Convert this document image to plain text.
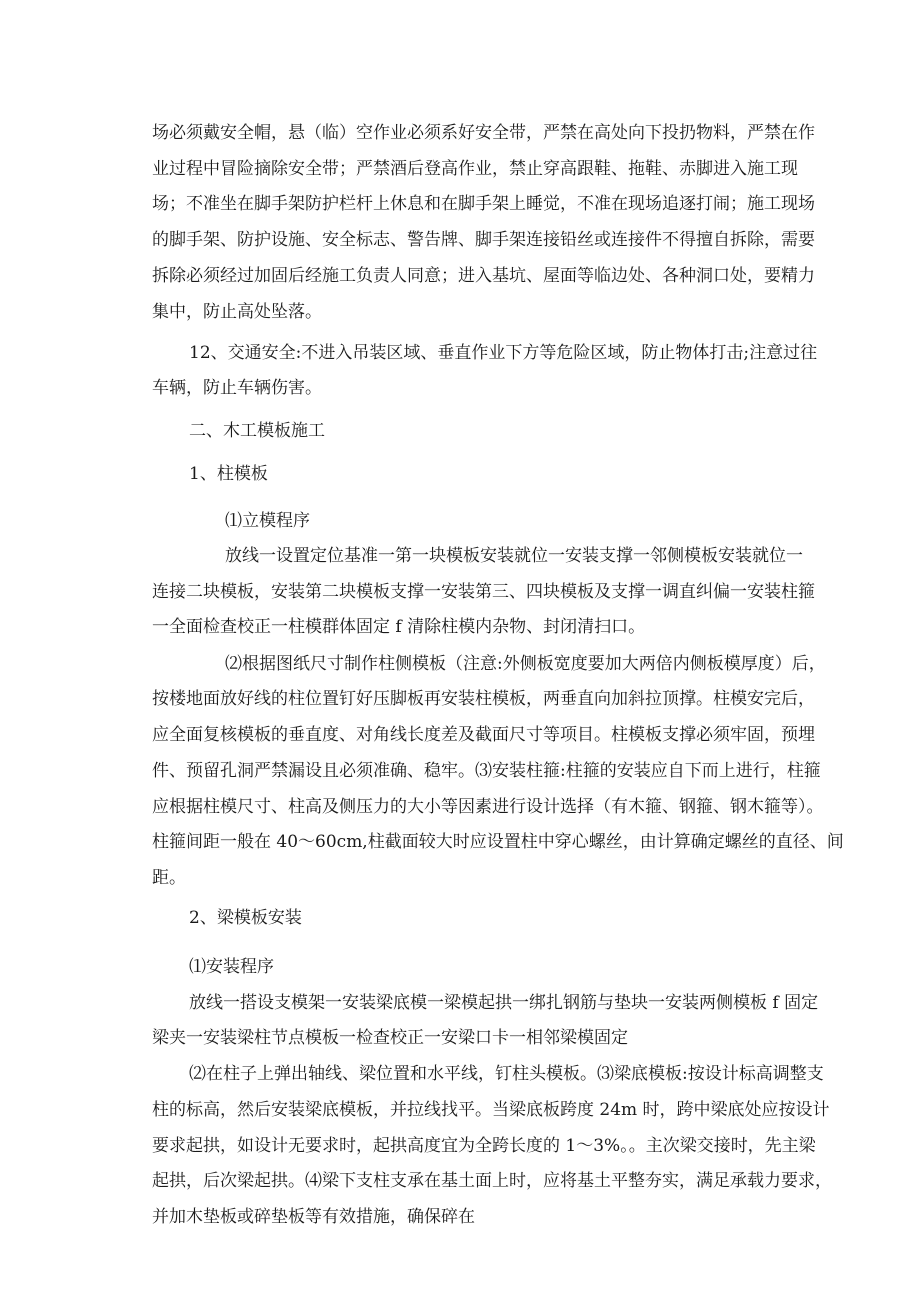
场必须戴安全帽，悬（临）空作业必须系好安全带，严禁在高处向下投扔物料，严禁在作
业过程中冒险摘除安全带；严禁酒后登高作业，禁止穿高跟鞋、拖鞋、赤脚进入施工现
场；不准坐在脚手架防护栏杆上休息和在脚手架上睡觉，不准在现场追逐打闹；施工现场
的脚手架、防护设施、安全标志、警告牌、脚手架连接铅丝或连接件不得擅自拆除，需要
拆除必须经过加固后经施工负责人同意；进入基坑、屋面等临边处、各种洞口处，要精力
集中，防止高处坠落。
12、交通安全:不进入吊装区域、垂直作业下方等危险区域，防止物体打击;注意过往
车辆，防止车辆伤害。
二、木工模板施工
1、柱模板
⑴立模程序
放线一设置定位基准一第一块模板安装就位一安装支撑一邻侧模板安装就位一
连接二块模板，安装第二块模板支撑一安装第三、四块模板及支撑一调直纠偏一安装柱箍
一全面检查校正一柱模群体固定 f 清除柱模内杂物、封闭清扫口。
⑵根据图纸尺寸制作柱侧模板（注意:外侧板宽度要加大两倍内侧板模厚度）后，
按楼地面放好线的柱位置钉好压脚板再安装柱模板，两垂直向加斜拉顶撑。柱模安完后，
应全面复核模板的垂直度、对角线长度差及截面尺寸等项目。柱模板支撑必须牢固，预埋
件、预留孔洞严禁漏设且必须准确、稳牢。⑶安装柱箍:柱箍的安装应自下而上进行，柱箍
应根据柱模尺寸、柱高及侧压力的大小等因素进行设计选择（有木箍、钢箍、钢木箍等）。
柱箍间距一般在 40～60cm,柱截面较大时应设置柱中穿心螺丝，由计算确定螺丝的直径、间
距。
2、梁模板安装
⑴安装程序
放线一搭设支模架一安装梁底模一梁模起拱一绑扎钢筋与垫块一安装两侧模板 f 固定
梁夹一安装梁柱节点模板一检查校正一安梁口卡一相邻梁模固定
⑵在柱子上弹出轴线、梁位置和水平线，钉柱头模板。⑶梁底模板:按设计标高调整支
柱的标高，然后安装梁底模板，并拉线找平。当梁底板跨度 24m 时，跨中梁底处应按设计
要求起拱，如设计无要求时，起拱高度宜为全跨长度的 1～3%。。主次梁交接时，先主梁
起拱，后次梁起拱。⑷梁下支柱支承在基土面上时，应将基土平整夯实，满足承载力要求，
并加木垫板或碎垫板等有效措施，确保碎在
